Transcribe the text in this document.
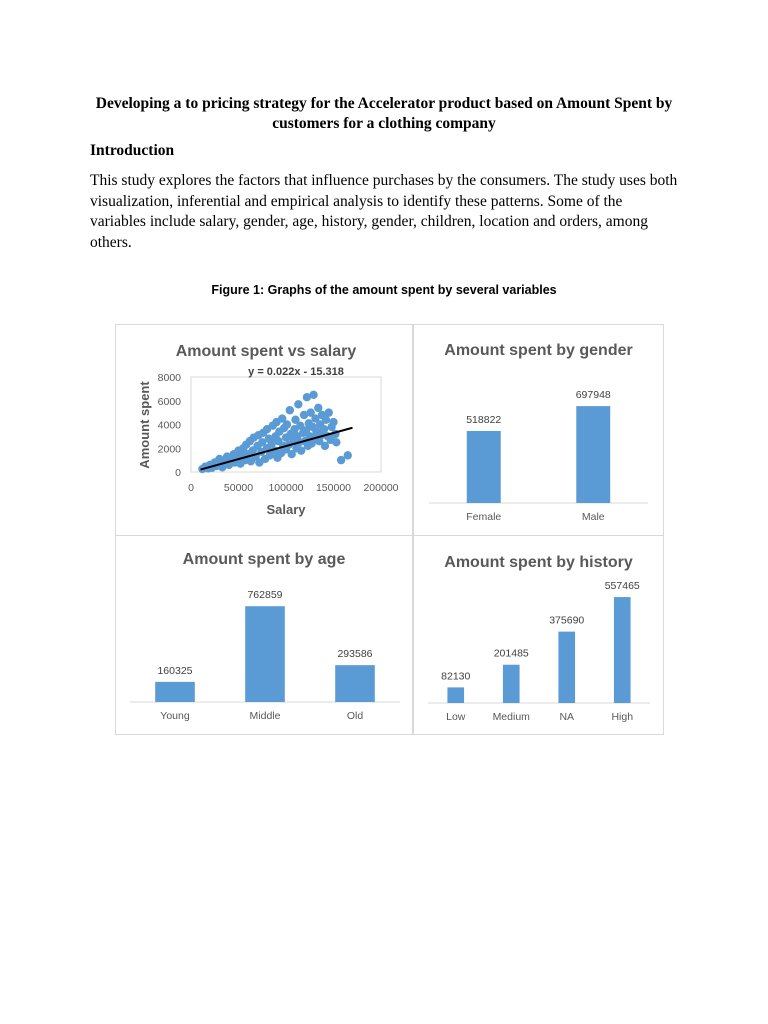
Developing a to pricing strategy for the Accelerator product based on Amount Spent by customers for a clothing company
Introduction
This study explores the factors that influence purchases by the consumers. The study uses both visualization, inferential and empirical analysis to identify these patterns. Some of the variables include salary, gender, age, history, gender, children, location and orders, among others.
Figure 1: Graphs of the amount spent by several variables
Amount spent vs salary
0
2000
4000
6000
8000
0	50000 100000 150000 200000
Salary
Amount spent
y = 0.022x - 15.318
Amount spent by gender
518822
Female
697948
Male
Amount spent by age
160325
Young
762859
Middle
293586
Old
Amount spent by history
82130
Low
201485
Medium
375690
NA
557465
High
